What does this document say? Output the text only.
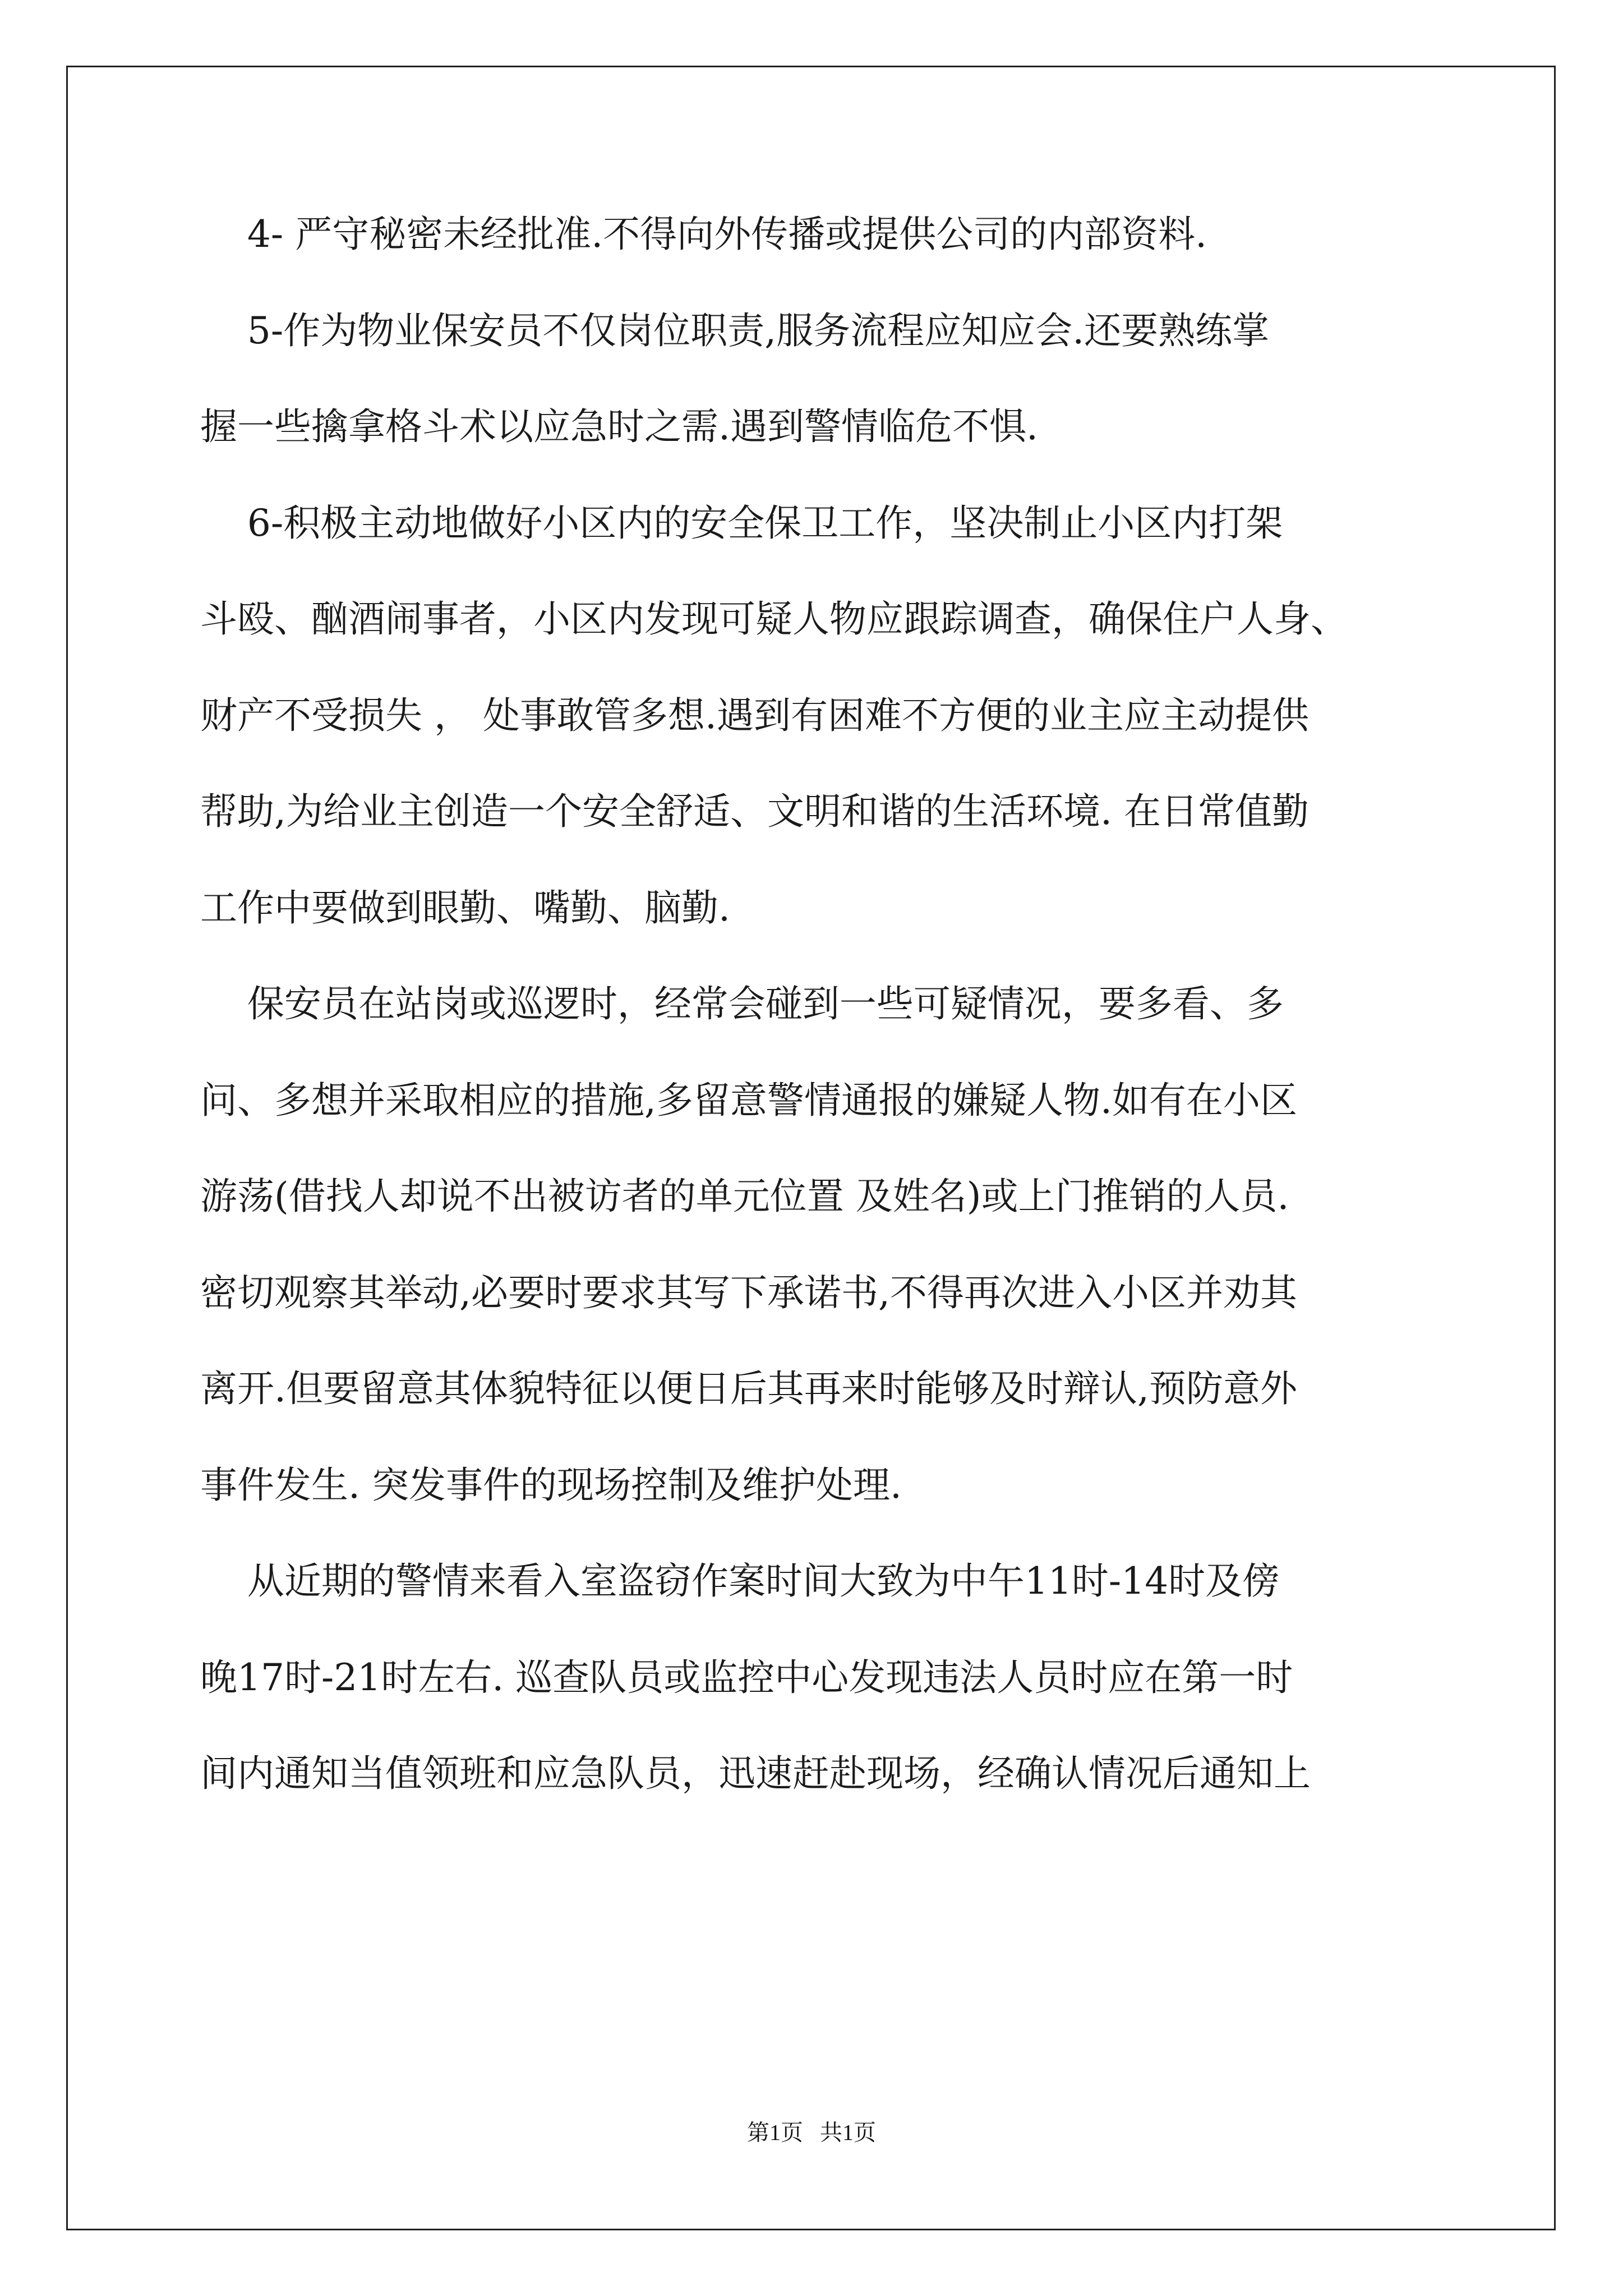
4- 严守秘密未经批准.不得向外传播或提供公司的内部资料.
5-作为物业保安员不仅岗位职责,服务流程应知应会.还要熟练掌
握一些擒拿格斗术以应急时之需.遇到警情临危不惧.
6-积极主动地做好小区内的安全保卫工作，坚决制止小区内打架
斗殴、酗酒闹事者，小区内发现可疑人物应跟踪调查，确保住户人身、
财产不受损失 ， 处事敢管多想.遇到有困难不方便的业主应主动提供
帮助,为给业主创造一个安全舒适、文明和谐的生活环境. 在日常值勤
工作中要做到眼勤、嘴勤、脑勤.
保安员在站岗或巡逻时，经常会碰到一些可疑情况，要多看、多
问、多想并采取相应的措施,多留意警情通报的嫌疑人物.如有在小区
游荡(借找人却说不出被访者的单元位置 及姓名)或上门推销的人员.
密切观察其举动,必要时要求其写下承诺书,不得再次进入小区并劝其
离开.但要留意其体貌特征以便日后其再来时能够及时辩认,预防意外
事件发生. 突发事件的现场控制及维护处理.
从近期的警情来看入室盗窃作案时间大致为中午11时-14时及傍
晚17时-21时左右. 巡查队员或监控中心发现违法人员时应在第一时
间内通知当值领班和应急队员，迅速赶赴现场，经确认情况后通知上
第1页   共1页
